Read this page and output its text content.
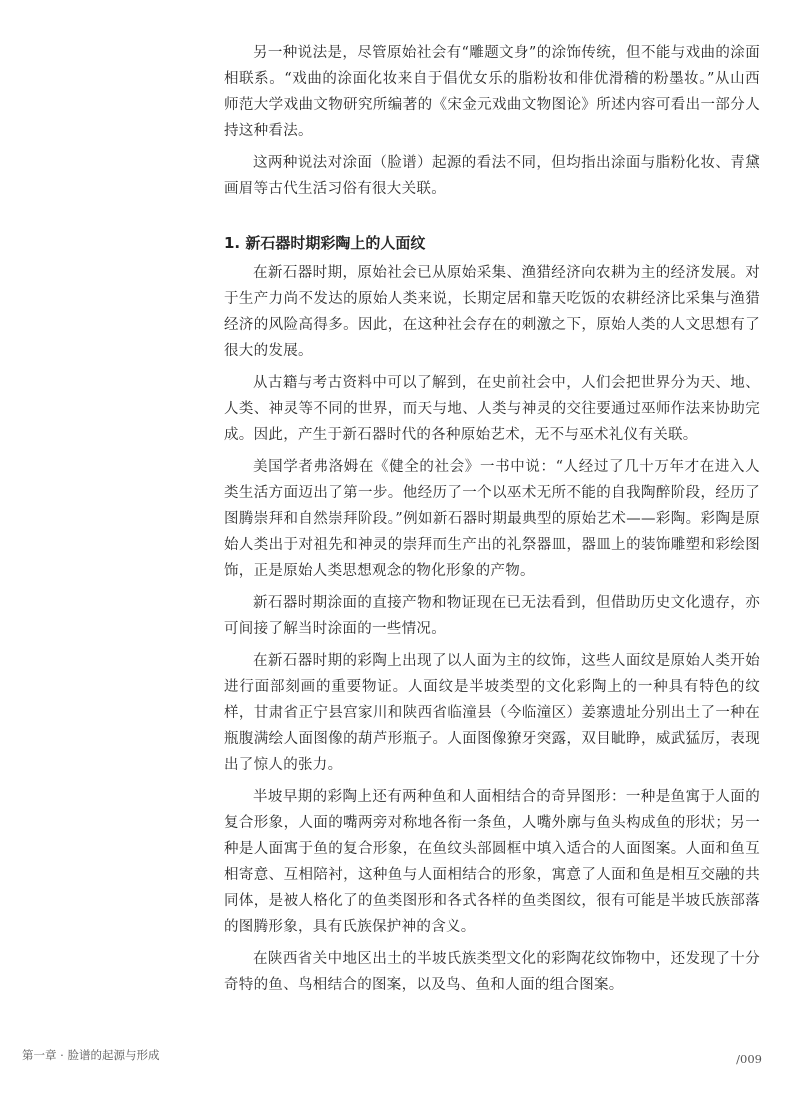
另一种说法是，尽管原始社会有“雕题文身”的涂饰传统，但不能与戏曲的涂面相联系。“戏曲的涂面化妆来自于倡优女乐的脂粉妆和俳优滑稽的粉墨妆。”从山西师范大学戏曲文物研究所编著的《宋金元戏曲文物图论》所述内容可看出一部分人持这种看法。

这两种说法对涂面（脸谱）起源的看法不同，但均指出涂面与脂粉化妆、青黛画眉等古代生活习俗有很大关联。

1. 新石器时期彩陶上的人面纹

在新石器时期，原始社会已从原始采集、渔猎经济向农耕为主的经济发展。对于生产力尚不发达的原始人类来说，长期定居和靠天吃饭的农耕经济比采集与渔猎经济的风险高得多。因此，在这种社会存在的刺激之下，原始人类的人文思想有了很大的发展。

从古籍与考古资料中可以了解到，在史前社会中，人们会把世界分为天、地、人类、神灵等不同的世界，而天与地、人类与神灵的交往要通过巫师作法来协助完成。因此，产生于新石器时代的各种原始艺术，无不与巫术礼仪有关联。

美国学者弗洛姆在《健全的社会》一书中说：“人经过了几十万年才在进入人类生活方面迈出了第一步。他经历了一个以巫术无所不能的自我陶醉阶段，经历了图腾崇拜和自然崇拜阶段。”例如新石器时期最典型的原始艺术——彩陶。彩陶是原始人类出于对祖先和神灵的崇拜而生产出的礼祭器皿，器皿上的装饰雕塑和彩绘图饰，正是原始人类思想观念的物化形象的产物。

新石器时期涂面的直接产物和物证现在已无法看到，但借助历史文化遗存，亦可间接了解当时涂面的一些情况。

在新石器时期的彩陶上出现了以人面为主的纹饰，这些人面纹是原始人类开始进行面部刻画的重要物证。人面纹是半坡类型的文化彩陶上的一种具有特色的纹样，甘肃省正宁县宫家川和陕西省临潼县（今临潼区）姜寨遗址分别出土了一种在瓶腹满绘人面图像的葫芦形瓶子。人面图像獠牙突露，双目眦睁，威武猛厉，表现出了惊人的张力。

半坡早期的彩陶上还有两种鱼和人面相结合的奇异图形：一种是鱼寓于人面的复合形象，人面的嘴两旁对称地各衔一条鱼，人嘴外廓与鱼头构成鱼的形状；另一种是人面寓于鱼的复合形象，在鱼纹头部圆框中填入适合的人面图案。人面和鱼互相寄意、互相陪衬，这种鱼与人面相结合的形象，寓意了人面和鱼是相互交融的共同体，是被人格化了的鱼类图形和各式各样的鱼类图纹，很有可能是半坡氏族部落的图腾形象，具有氏族保护神的含义。

在陕西省关中地区出土的半坡氏族类型文化的彩陶花纹饰物中，还发现了十分奇特的鱼、鸟相结合的图案，以及鸟、鱼和人面的组合图案。

第一章 · 脸谱的起源与形成	/009
